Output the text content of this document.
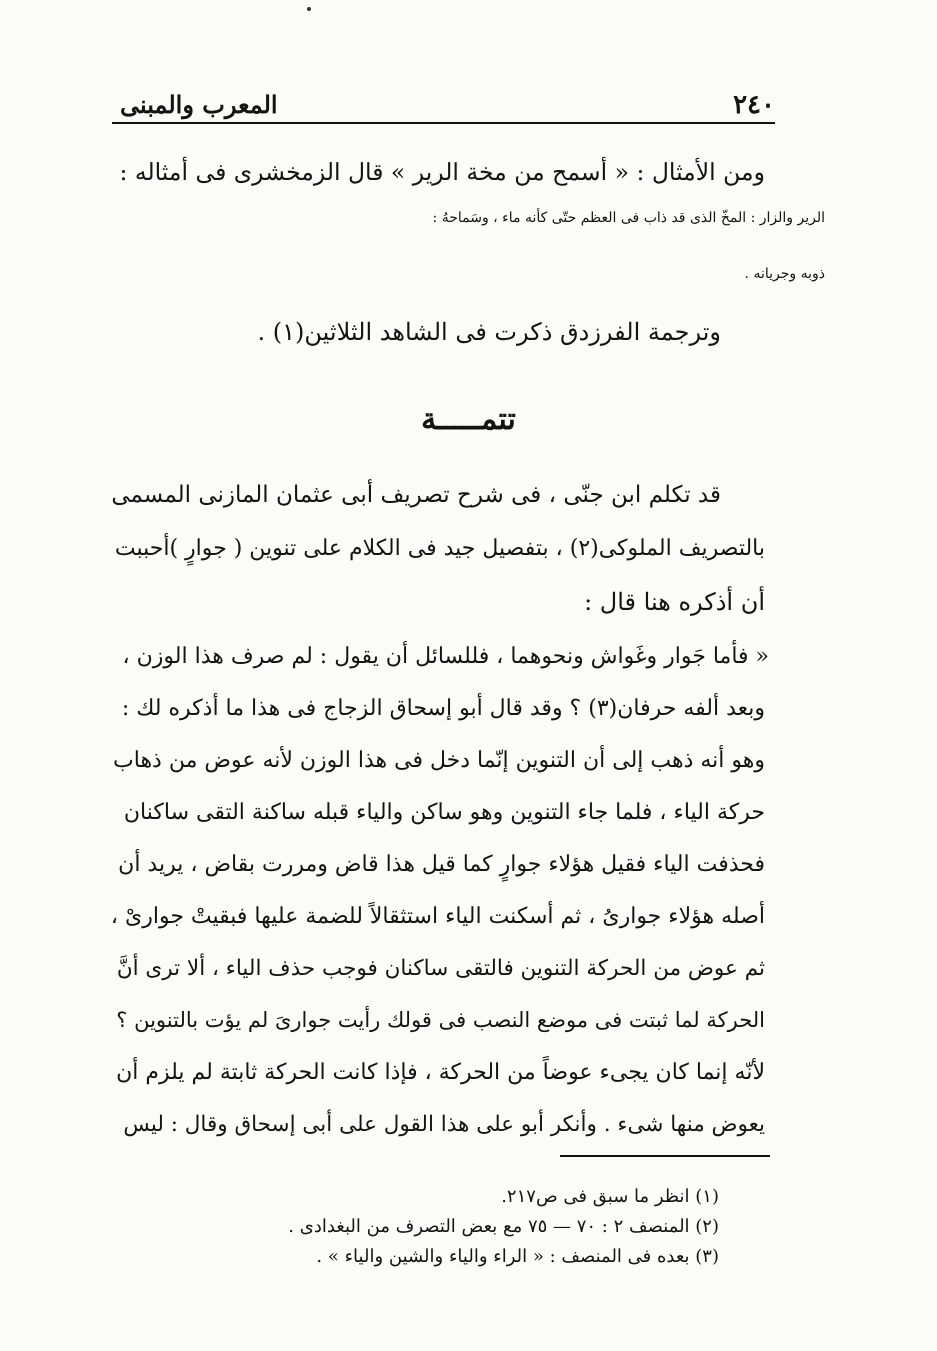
٢٤٠
المعرب والمبنى
ومن الأمثال : « أسمح من مخة الرير » قال الزمخشرى فى أمثاله :
الرير والزار : المخّ الذى قد ذاب فى العظم حتّى كأنه ماء ، وسَماحهُ :
ذوبه وجريانه .
وترجمة الفرزدق ذكرت فى الشاهد الثلاثين(١) .
تتمـــــة
قد تكلم ابن جنّى ، فى شرح تصريف أبى عثمان المازنى المسمى
بالتصريف الملوكى(٢) ، بتفصيل جيد فى الكلام على تنوين ( جوارٍ )أحببت
أن أذكره هنا قال :
« فأما جَوار وغَواش ونحوهما ، فللسائل أن يقول : لم صرف هذا الوزن ،
وبعد ألفه حرفان(٣) ؟ وقد قال أبو إسحاق الزجاج فى هذا ما أذكره لك :
وهو أنه ذهب إلى أن التنوين إنّما دخل فى هذا الوزن لأنه عوض من ذهاب
حركة الياء ، فلما جاء التنوين وهو ساكن والياء قبله ساكنة التقى ساكنان
فحذفت الياء فقيل هؤلاء جوارٍ كما قيل هذا قاض ومررت بقاض ، يريد أن
أصله هؤلاء جوارىُ ، ثم أسكنت الياء استثقالاً للضمة عليها فبقيتْ جوارىْ ،
ثم عوض من الحركة التنوين فالتقى ساكنان فوجب حذف الياء ، ألا ترى أنَّ
الحركة لما ثبتت فى موضع النصب فى قولك رأيت جوارىَ لم يؤت بالتنوين ؟
لأنّه إنما كان يجىء عوضاً من الحركة ، فإذا كانت الحركة ثابتة لم يلزم أن
يعوض منها شىء . وأنكر أبو على هذا القول على أبى إسحاق وقال : ليس
(١) انظر ما سبق فى ص٢١٧.
(٢) المنصف ٢ : ٧٠ — ٧٥ مع بعض التصرف من البغدادى .
(٣) بعده فى المنصف : « الراء والياء والشين والياء » .
